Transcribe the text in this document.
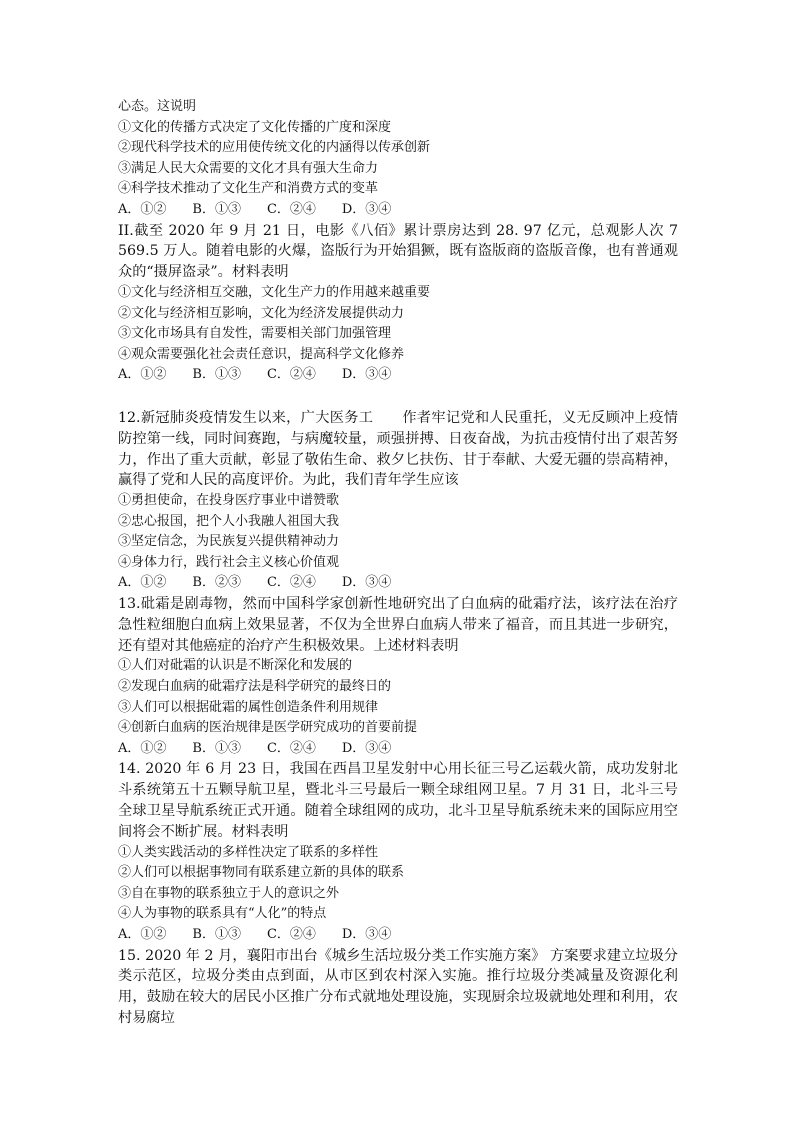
心态。这说明
①文化的传播方式决定了文化传播的广度和深度
②现代科学技术的应用使传统文化的内涵得以传承创新
③满足人民大众需要的文化才具有强大生命力
④科学技术推动了文化生产和消费方式的变革
A．①②　　B．①③　　C．②④　　D．③④
II.截至 2020 年 9 月 21 日，电影《八佰》累计票房达到 28. 97 亿元，总观影人次 7 569.5 万人。随着电影的火爆，盗版行为开始猖獗，既有盗版商的盗版音像，也有普通观众的“摄屏盗录”。材料表明
①文化与经济相互交融，文化生产力的作用越来越重要
②文化与经济相互影响，文化为经济发展提供动力
③文化市场具有自发性，需要相关部门加强管理
④观众需要强化社会责任意识，提高科学文化修养
A．①②　　B．①③　　C．②④　　D．③④
12.新冠肺炎疫情发生以来，广大医务工　　作者牢记党和人民重托，义无反顾冲上疫情防控第一线，同时间赛跑，与病魔较量，顽强拼搏、日夜奋战，为抗击疫情付出了艰苦努力，作出了重大贡献，彰显了敬佑生命、救夕匕扶伤、甘于奉献、大爱无疆的崇高精神，赢得了党和人民的高度评价。为此，我们青年学生应该
①勇担使命，在投身医疗事业中谱赞歌
②忠心报国，把个人小我融人祖国大我
③坚定信念，为民族复兴提供精神动力
④身体力行，践行社会主义核心价值观
A．①②　　B．②③　　C．②④　　D．③④
13.砒霜是剧毒物，然而中国科学家创新性地研究出了白血病的砒霜疗法，该疗法在治疗急性粒细胞白血病上效果显著，不仅为全世界白血病人带来了福音，而且其进一步研究，还有望对其他癌症的治疗产生积极效果。上述材料表明
①人们对砒霜的认识是不断深化和发展的
②发现白血病的砒霜疗法是科学研究的最终日的
③人们可以根据砒霜的属性创造条件利用规律
④创新白血病的医治规律是医学研究成功的首要前提
A．①②　　B．①③　　C．②④　　D．③④
14. 2020 年 6 月 23 日，我国在西昌卫星发射中心用长征三号乙运载火箭，成功发射北斗系统第五十五颗导航卫星，暨北斗三号最后一颗全球组网卫星。7 月 31 日，北斗三号全球卫星导航系统正式开通。随着全球组网的成功，北斗卫星导航系统未来的国际应用空间将会不断扩展。材料表明
①人类实践活动的多样性决定了联系的多样性
②人们可以根据事物同有联系建立新的具体的联系
③自在事物的联系独立于人的意识之外
④人为事物的联系具有“人化”的特点
A．①②　　B．①③　　C．②④　　D．③④
15. 2020 年 2 月，襄阳市出台《城乡生活垃圾分类工作实施方案》 方案要求建立垃圾分类示范区，垃圾分类由点到面，从市区到农村深入实施。推行垃圾分类减量及资源化利用，鼓励在较大的居民小区推广分布式就地处理设施，实现厨余垃圾就地处理和利用，农村易腐垃
